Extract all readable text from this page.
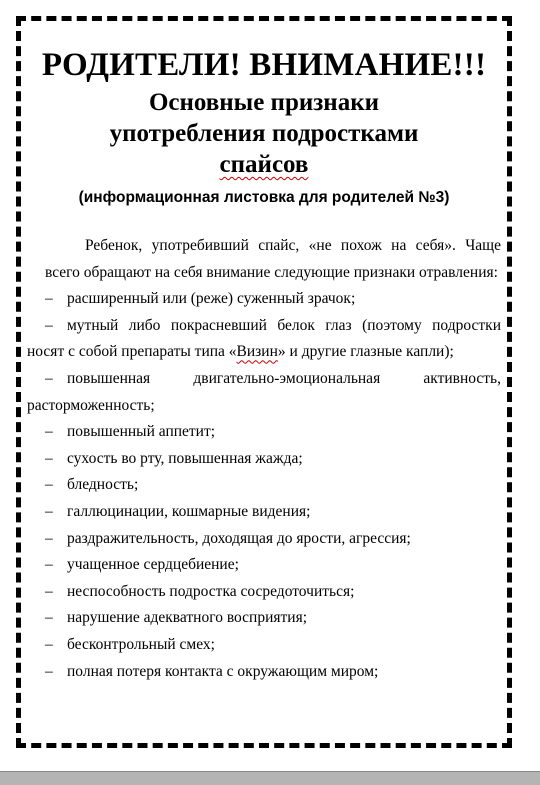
РОДИТЕЛИ! ВНИМАНИЕ!!!
Основные признаки
употребления подростками
спайсов
(информационная листовка для родителей №3)

Ребенок, употребивший спайс, «не похож на себя». Чаще всего обращают на себя внимание следующие признаки отравления:

– расширенный или (реже) суженный зрачок;
– мутный либо покрасневший белок глаз (поэтому подростки носят с собой препараты типа «Визин» и другие глазные капли);
– повышенная двигательно-эмоциональная активность, расторможенность;
– повышенный аппетит;
– сухость во рту, повышенная жажда;
– бледность;
– галлюцинации, кошмарные видения;
– раздражительность, доходящая до ярости, агрессия;
– учащенное сердцебиение;
– неспособность подростка сосредоточиться;
– нарушение адекватного восприятия;
– бесконтрольный смех;
– полная потеря контакта с окружающим миром;
